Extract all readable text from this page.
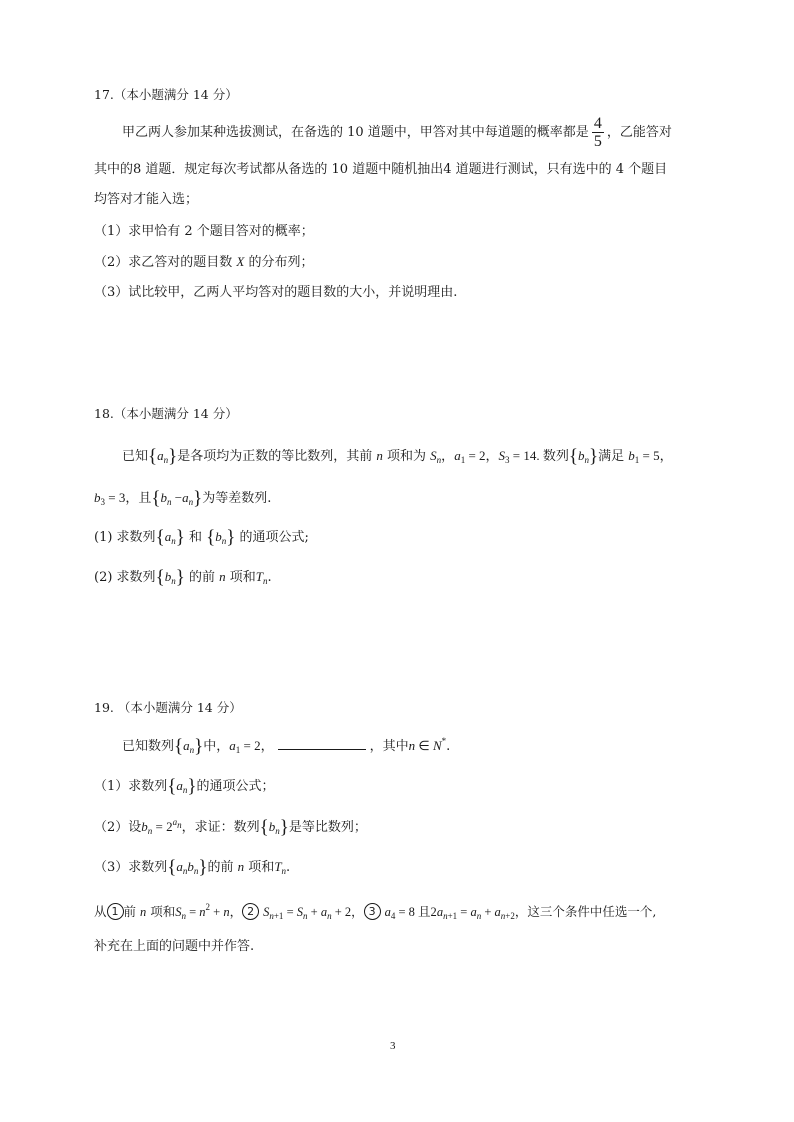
17.（本小题满分 14 分）
甲乙两人参加某种选拔测试，在备选的 10 道题中，甲答对其中每道题的概率都是 $\frac{4}{5}$ ，乙能答对
其中的8 道题．规定每次考试都从备选的 10 道题中随机抽出4 道题进行测试，只有选中的 4 个题目
均答对才能入选；
（1）求甲恰有 2 个题目答对的概率；
（2）求乙答对的题目数 X 的分布列；
（3）试比较甲，乙两人平均答对的题目数的大小，并说明理由.
18.（本小题满分 14 分）
已知$\{a_n\}$是各项均为正数的等比数列，其前 n 项和为 $S_n$，$a_1 = 2$，$S_3 = 14$. 数列$\{b_n\}$满足 $b_1 = 5$，
$b_3 = 3$，且$\{b_n -a_n\}$为等差数列.
(1) 求数列$\{a_n\}$ 和 $\{b_n\}$ 的通项公式;
(2) 求数列$\{b_n\}$ 的前 n 项和$T_n$.
19. （本小题满分 14 分）
已知数列$\{a_n\}$中，$a_1 = 2$，	，其中n ∈ N*.
（1）求数列$\{a_n\}$的通项公式；
（2）设$b_n = 2^{a_n}$，求证：数列$\{b_n\}$是等比数列；
（3）求数列$\{a_nb_n\}$的前 n 项和$T_n$.
从 1 前 n 项和$S_n = n^2 + n$， 2 $S_{n+1} = S_n + a_n + 2$， 3 $a_4 = 8$ 且$2a_{n+1} = a_n + a_{n+2}$，这三个条件中任选一个,
补充在上面的问题中并作答.
3
